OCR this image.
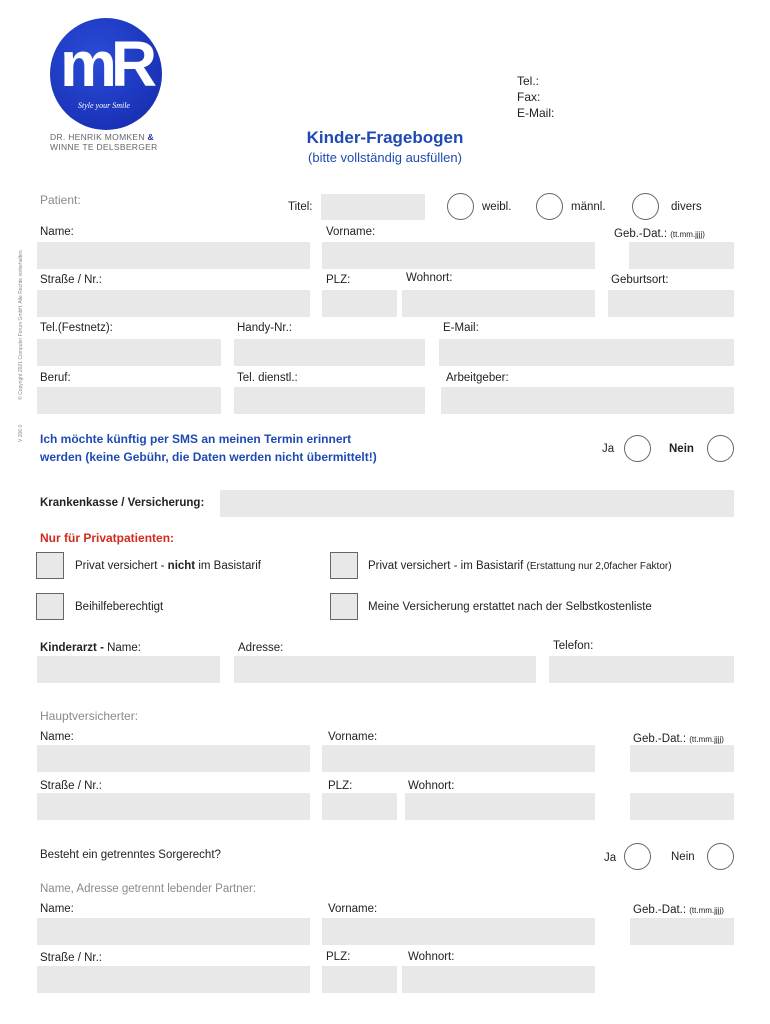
mR
Style your Smile
DR. HENRIK MOMKEN &
WINNE TE DELSBERGER
Tel.:
Fax:
E-Mail:
Kinder-Fragebogen
(bitte vollständig ausfüllen)
© Copyright 2021 Computer Forum GmbH. Alle Rechte vorbehalten.
V 206.0
Patient:	Titel:	weibl.	männl.	divers
Name:	Vorname:	Geb.-Dat.: (tt.mm.jjjj)
Straße / Nr.:	PLZ:	Wohnort:	Geburtsort:
Tel.(Festnetz):	Handy-Nr.:	E-Mail:
Beruf:	Tel. dienstl.:	Arbeitgeber:
Ich möchte künftig per SMS an meinen Termin erinnert
werden (keine Gebühr, die Daten werden nicht übermittelt!)
Ja	Nein
Krankenkasse / Versicherung:
Nur für Privatpatienten:
Privat versichert - nicht im Basistarif	Privat versichert - im Basistarif (Erstattung nur 2,0facher Faktor)
Beihilfeberechtigt	Meine Versicherung erstattet nach der Selbstkostenliste
Kinderarzt - Name:	Adresse:	Telefon:
Hauptversicherter:
Name:	Vorname:	Geb.-Dat.: (tt.mm.jjjj)
Straße / Nr.:	PLZ:	Wohnort:
Besteht ein getrenntes Sorgerecht?	Ja	Nein
Name, Adresse getrennt lebender Partner:
Name:	Vorname:	Geb.-Dat.: (tt.mm.jjjj)
Straße / Nr.:	PLZ:	Wohnort:
